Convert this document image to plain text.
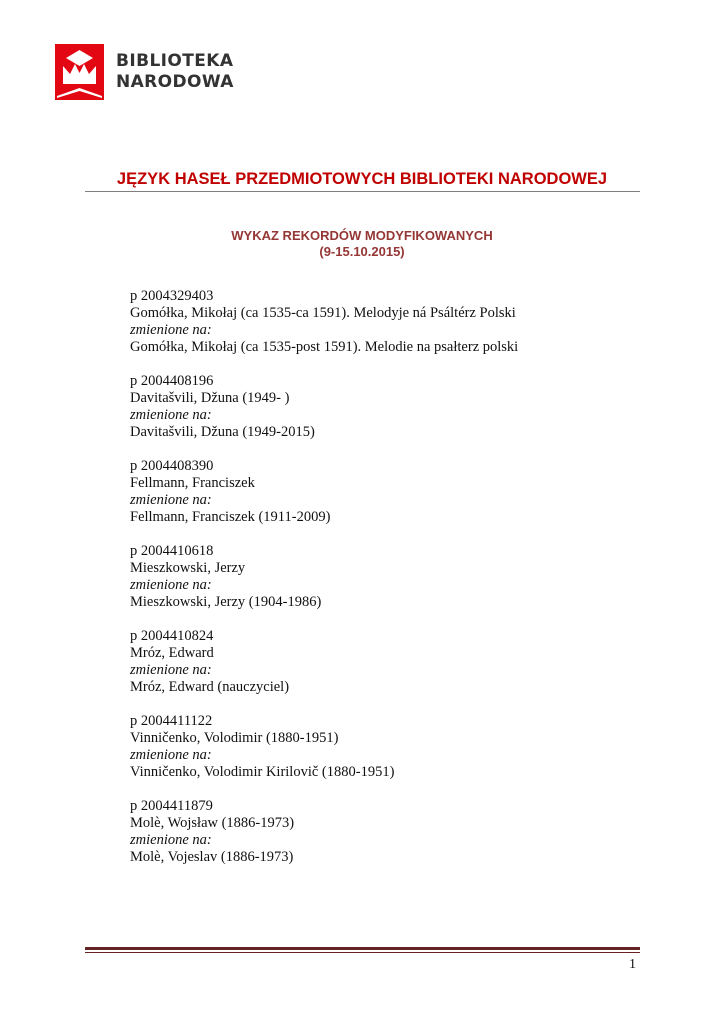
BIBLIOTEKA
NARODOWA
JĘZYK HASEŁ PRZEDMIOTOWYCH BIBLIOTEKI NARODOWEJ
WYKAZ REKORDÓW MODYFIKOWANYCH
(9-15.10.2015)
p 2004329403
Gomółka, Mikołaj (ca 1535-ca 1591). Melodyje ná Psáltérz Polski
zmienione na:
Gomółka, Mikołaj (ca 1535-post 1591). Melodie na psałterz polski
p 2004408196
Davitašvili, Džuna (1949- )
zmienione na:
Davitašvili, Džuna (1949-2015)
p 2004408390
Fellmann, Franciszek
zmienione na:
Fellmann, Franciszek (1911-2009)
p 2004410618
Mieszkowski, Jerzy
zmienione na:
Mieszkowski, Jerzy (1904-1986)
p 2004410824
Mróz, Edward
zmienione na:
Mróz, Edward (nauczyciel)
p 2004411122
Vinničenko, Volodimir (1880-1951)
zmienione na:
Vinničenko, Volodimir Kirilovič (1880-1951)
p 2004411879
Molè, Wojsław (1886-1973)
zmienione na:
Molè, Vojeslav (1886-1973)
1
